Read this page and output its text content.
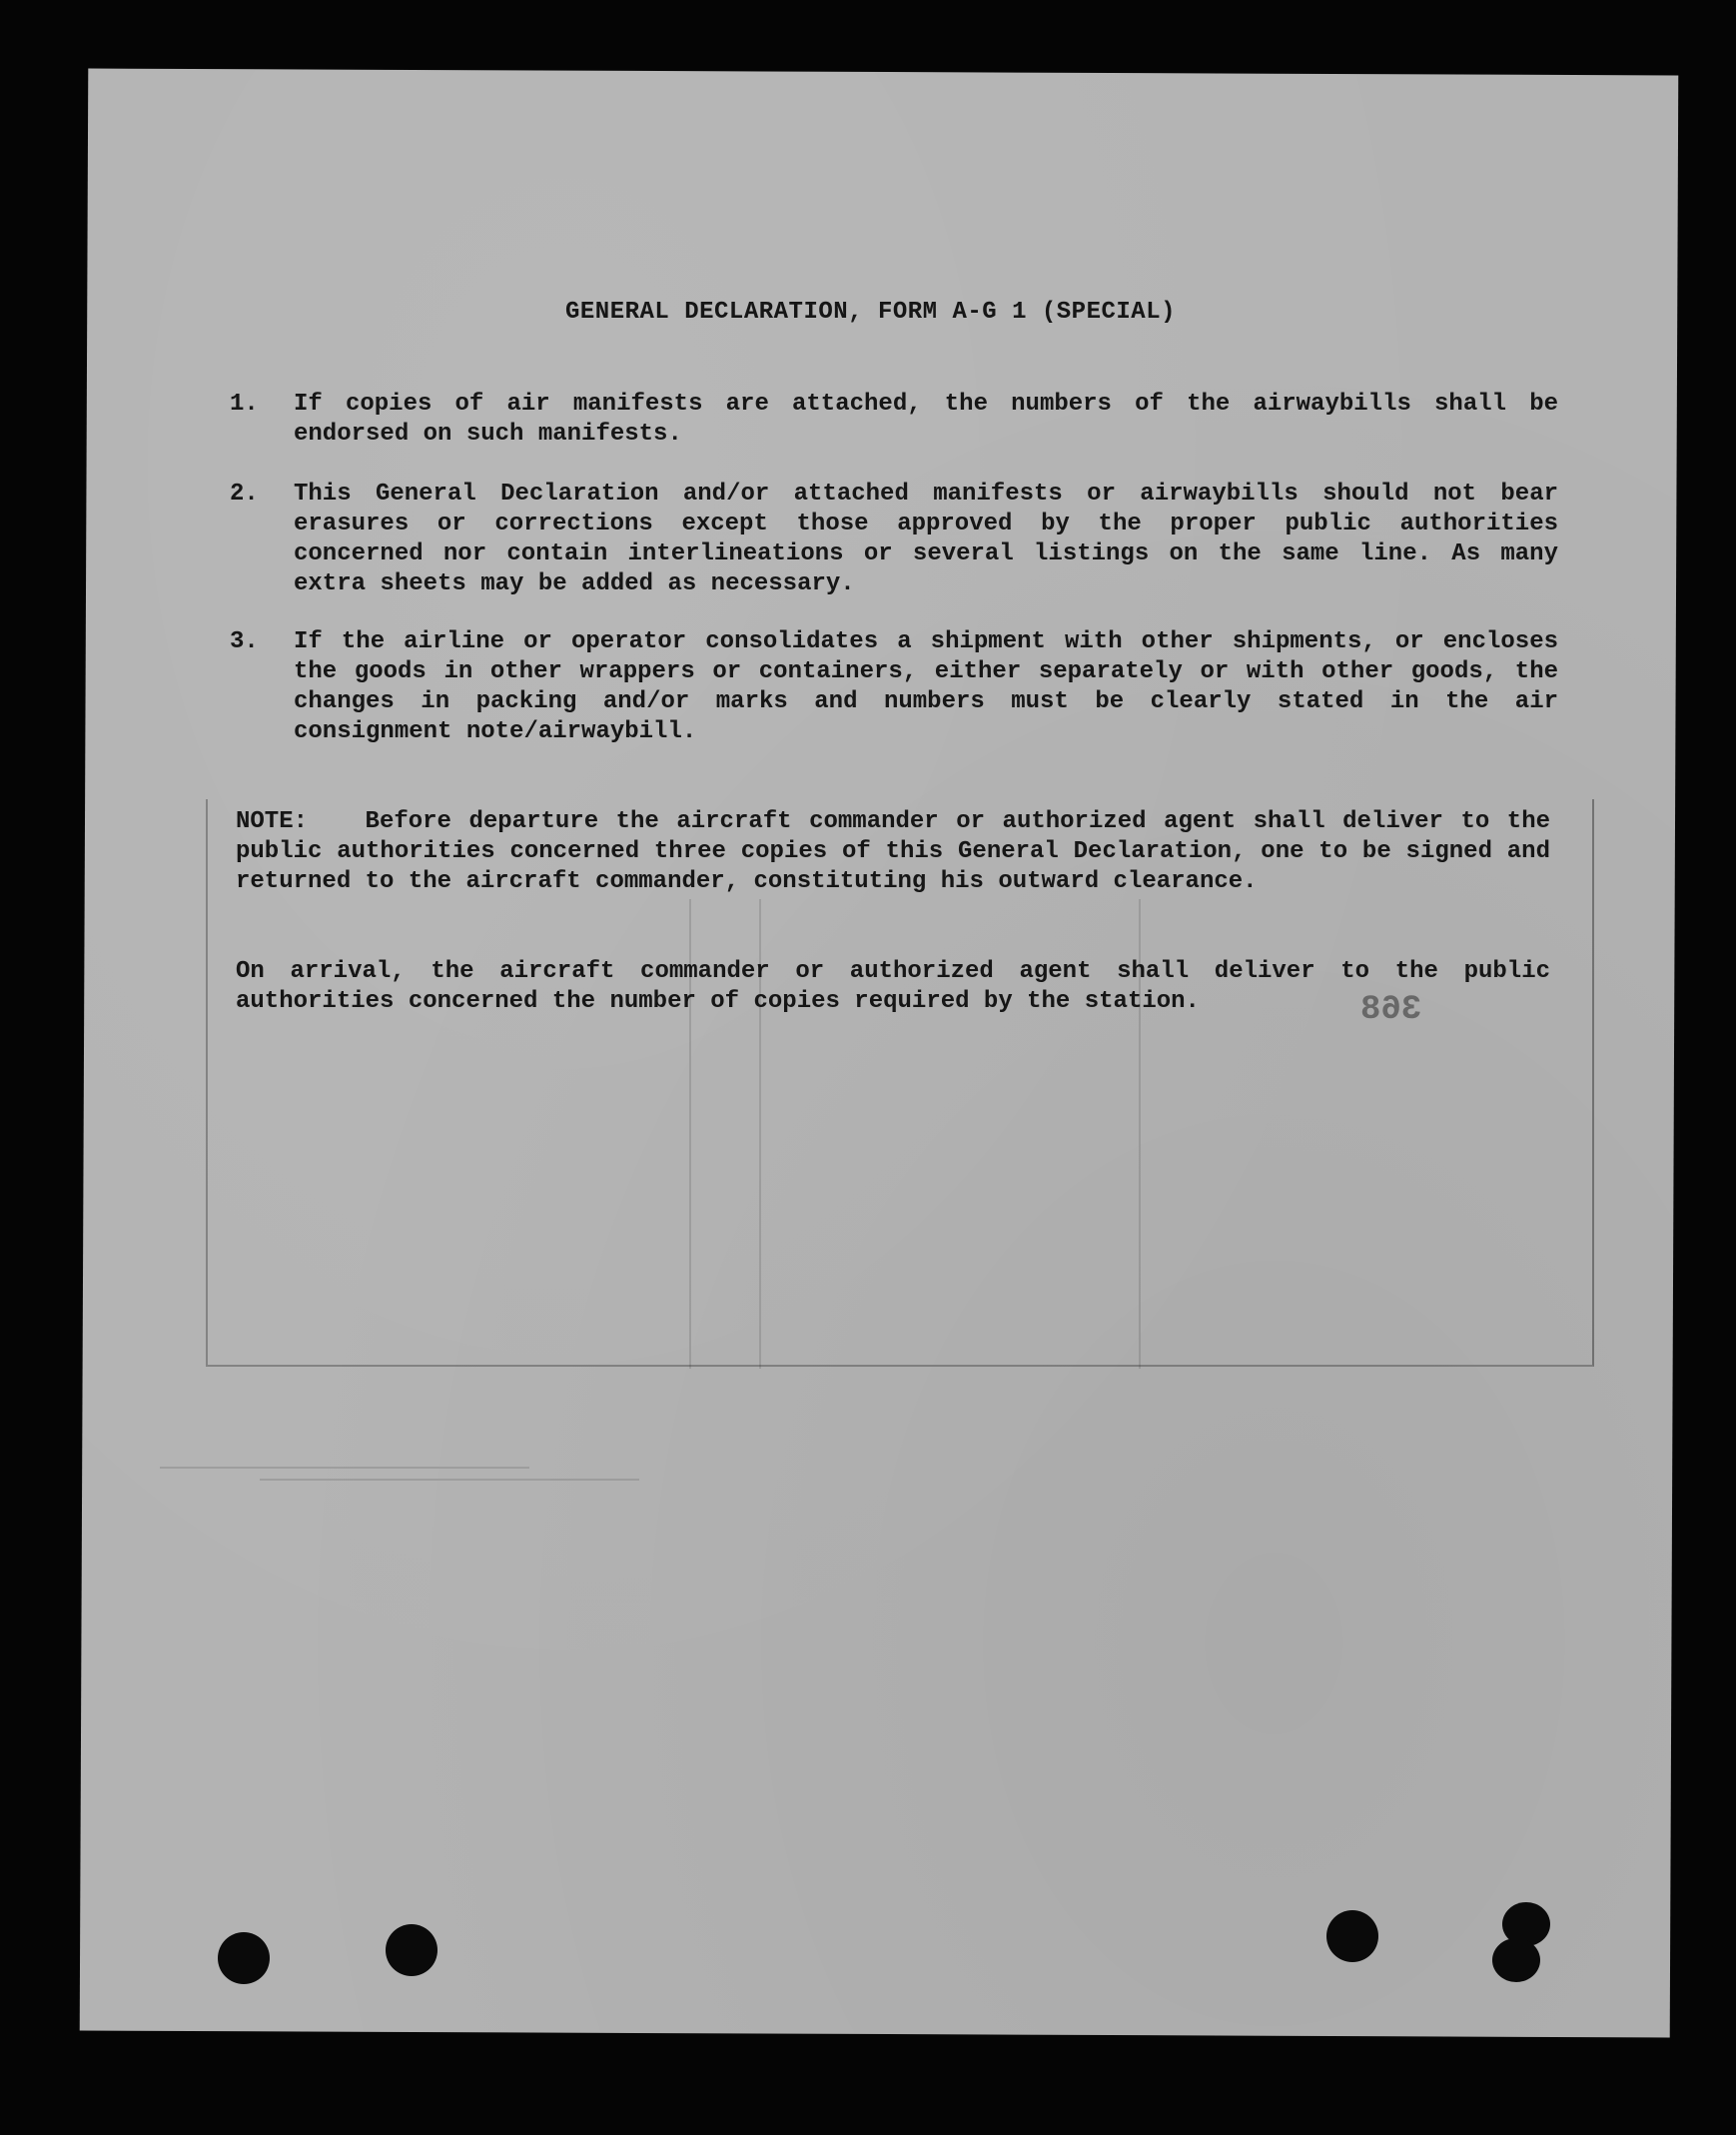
GENERAL DECLARATION, FORM A-G 1 (SPECIAL)
1.	If copies of air manifests are attached, the numbers of the airwaybills shall be endorsed on such manifests.
2.	This General Declaration and/or attached manifests or airwaybills should not bear erasures or corrections except those approved by the proper public authorities concerned nor contain interlineations or several listings on the same line. As many extra sheets may be added as necessary.
3.	If the airline or operator consolidates a shipment with other shipments, or encloses the goods in other wrappers or containers, either separately or with other goods, the changes in packing and/or marks and numbers must be clearly stated in the air consignment note/airwaybill.
NOTE: Before departure the aircraft commander or authorized agent shall deliver to the public authorities concerned three copies of this General Declaration, one to be signed and returned to the aircraft commander, constituting his outward clearance.
On arrival, the aircraft commander or authorized agent shall deliver to the public authorities concerned the number of copies required by the station.	368
